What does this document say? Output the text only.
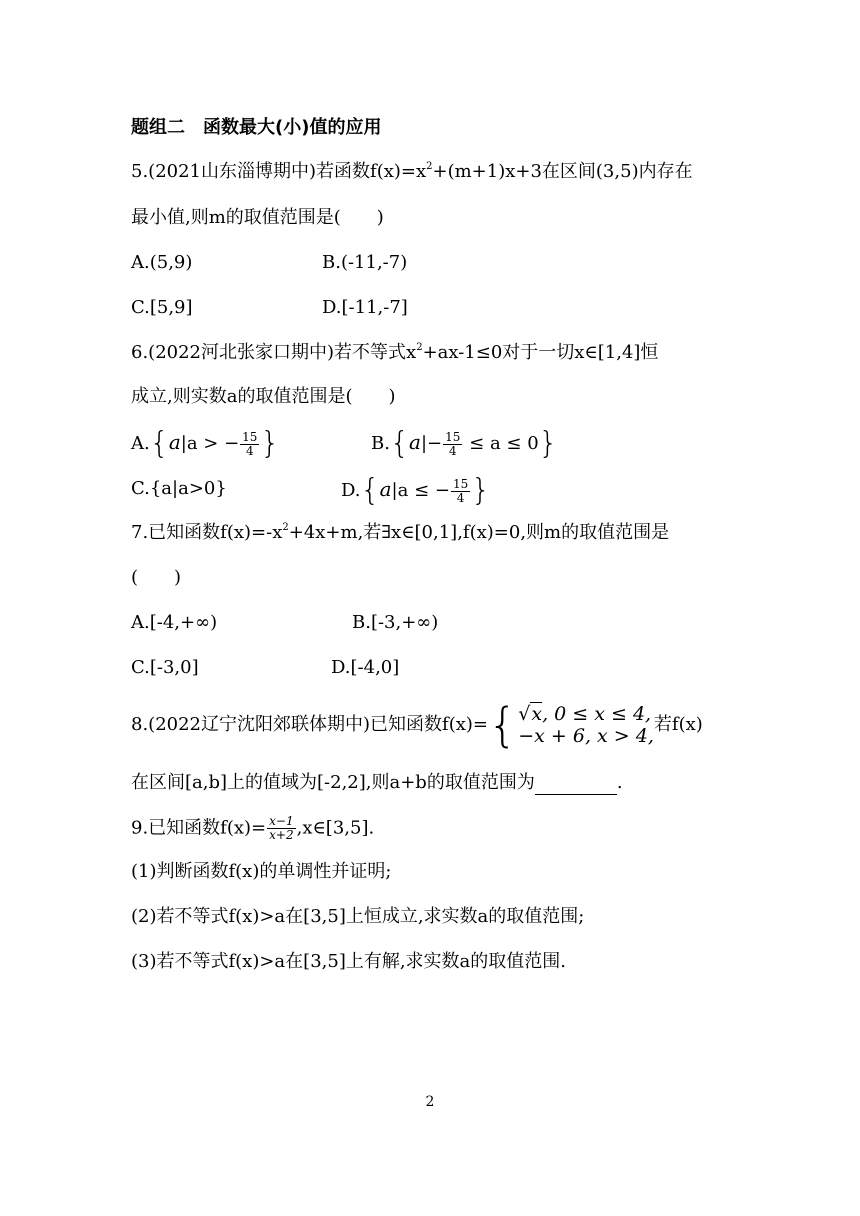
题组二　函数最大(小)值的应用
5.(2021山东淄博期中)若函数$f(x)=x^2+(m+1)x+3$在区间(3,5)内存在
最小值,则m的取值范围是(　　)
A.(5,9)	B.(-11,-7)
C.[5,9]	D.[-11,-7]
6.(2022河北张家口期中)若不等式$x^2+ax-1\le 0$对于一切x∈[1,4]恒
成立,则实数a的取值范围是(　　)
A.{a|a > − $\frac{15}{4}$ }	$B.\{a|- \frac{15}{4} \le a \le 0\}$
C.{a|a>0}	D.{a|a ≤ − $\frac{15}{4}$ }
7.已知函数$f(x)=-x^2+4x+m$,若∃x∈[0,1],f(x)=0,则m的取值范围是
(　　)
A.[-4,+∞)	B.[-3,+∞)
C.[-3,0]	D.[-4,0]
8.(2022辽宁沈阳郊联体期中)已知函数f(x)={ √x, 0 ≤ x ≤ 4,
−x + 6, x > 4,
若f(x)
在区间[a,b]上的值域为[-2,2],则a+b的取值范围为	.
9.已知函数$f(x)= \frac{x-1}{x+2}$ ,x∈[3,5].
(1)判断函数f(x)的单调性并证明;
(2)若不等式f(x)>a在[3,5]上恒成立,求实数a的取值范围;
(3)若不等式f(x)>a在[3,5]上有解,求实数a的取值范围.
2
